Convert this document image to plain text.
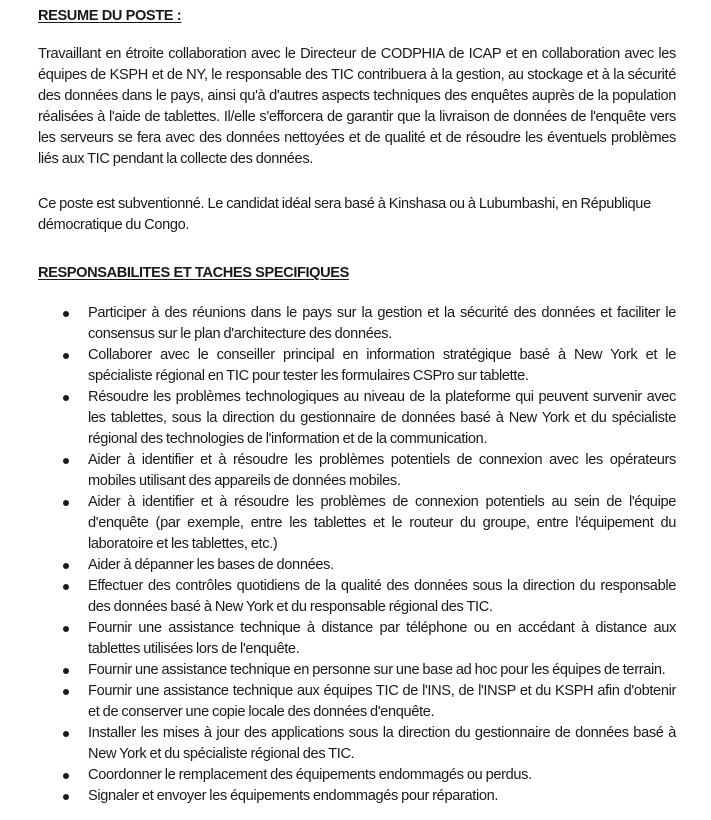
RESUME DU POSTE :

Travaillant en étroite collaboration avec le Directeur de CODPHIA de ICAP et en collaboration avec les équipes de KSPH et de NY, le responsable des TIC contribuera à la gestion, au stockage et à la sécurité des données dans le pays, ainsi qu'à d'autres aspects techniques des enquêtes auprès de la population réalisées à l'aide de tablettes. Il/elle s'efforcera de garantir que la livraison de données de l'enquête vers les serveurs se fera avec des données nettoyées et de qualité et de résoudre les éventuels problèmes liés aux TIC pendant la collecte des données.

Ce poste est subventionné. Le candidat idéal sera basé à Kinshasa ou à Lubumbashi, en République démocratique du Congo.

RESPONSABILITES ET TACHES SPECIFIQUES
Participer à des réunions dans le pays sur la gestion et la sécurité des données et faciliter le consensus sur le plan d'architecture des données.
Collaborer avec le conseiller principal en information stratégique basé à New York et le spécialiste régional en TIC pour tester les formulaires CSPro sur tablette.
Résoudre les problèmes technologiques au niveau de la plateforme qui peuvent survenir avec les tablettes, sous la direction du gestionnaire de données basé à New York et du spécialiste régional des technologies de l'information et de la communication.
Aider à identifier et à résoudre les problèmes potentiels de connexion avec les opérateurs mobiles utilisant des appareils de données mobiles.
Aider à identifier et à résoudre les problèmes de connexion potentiels au sein de l'équipe d'enquête (par exemple, entre les tablettes et le routeur du groupe, entre l'équipement du laboratoire et les tablettes, etc.)
Aider à dépanner les bases de données.
Effectuer des contrôles quotidiens de la qualité des données sous la direction du responsable des données basé à New York et du responsable régional des TIC.
Fournir une assistance technique à distance par téléphone ou en accédant à distance aux tablettes utilisées lors de l'enquête.
Fournir une assistance technique en personne sur une base ad hoc pour les équipes de terrain.
Fournir une assistance technique aux équipes TIC de l'INS, de l'INSP et du KSPH afin d'obtenir et de conserver une copie locale des données d'enquête.
Installer les mises à jour des applications sous la direction du gestionnaire de données basé à New York et du spécialiste régional des TIC.
Coordonner le remplacement des équipements endommagés ou perdus.
Signaler et envoyer les équipements endommagés pour réparation.
